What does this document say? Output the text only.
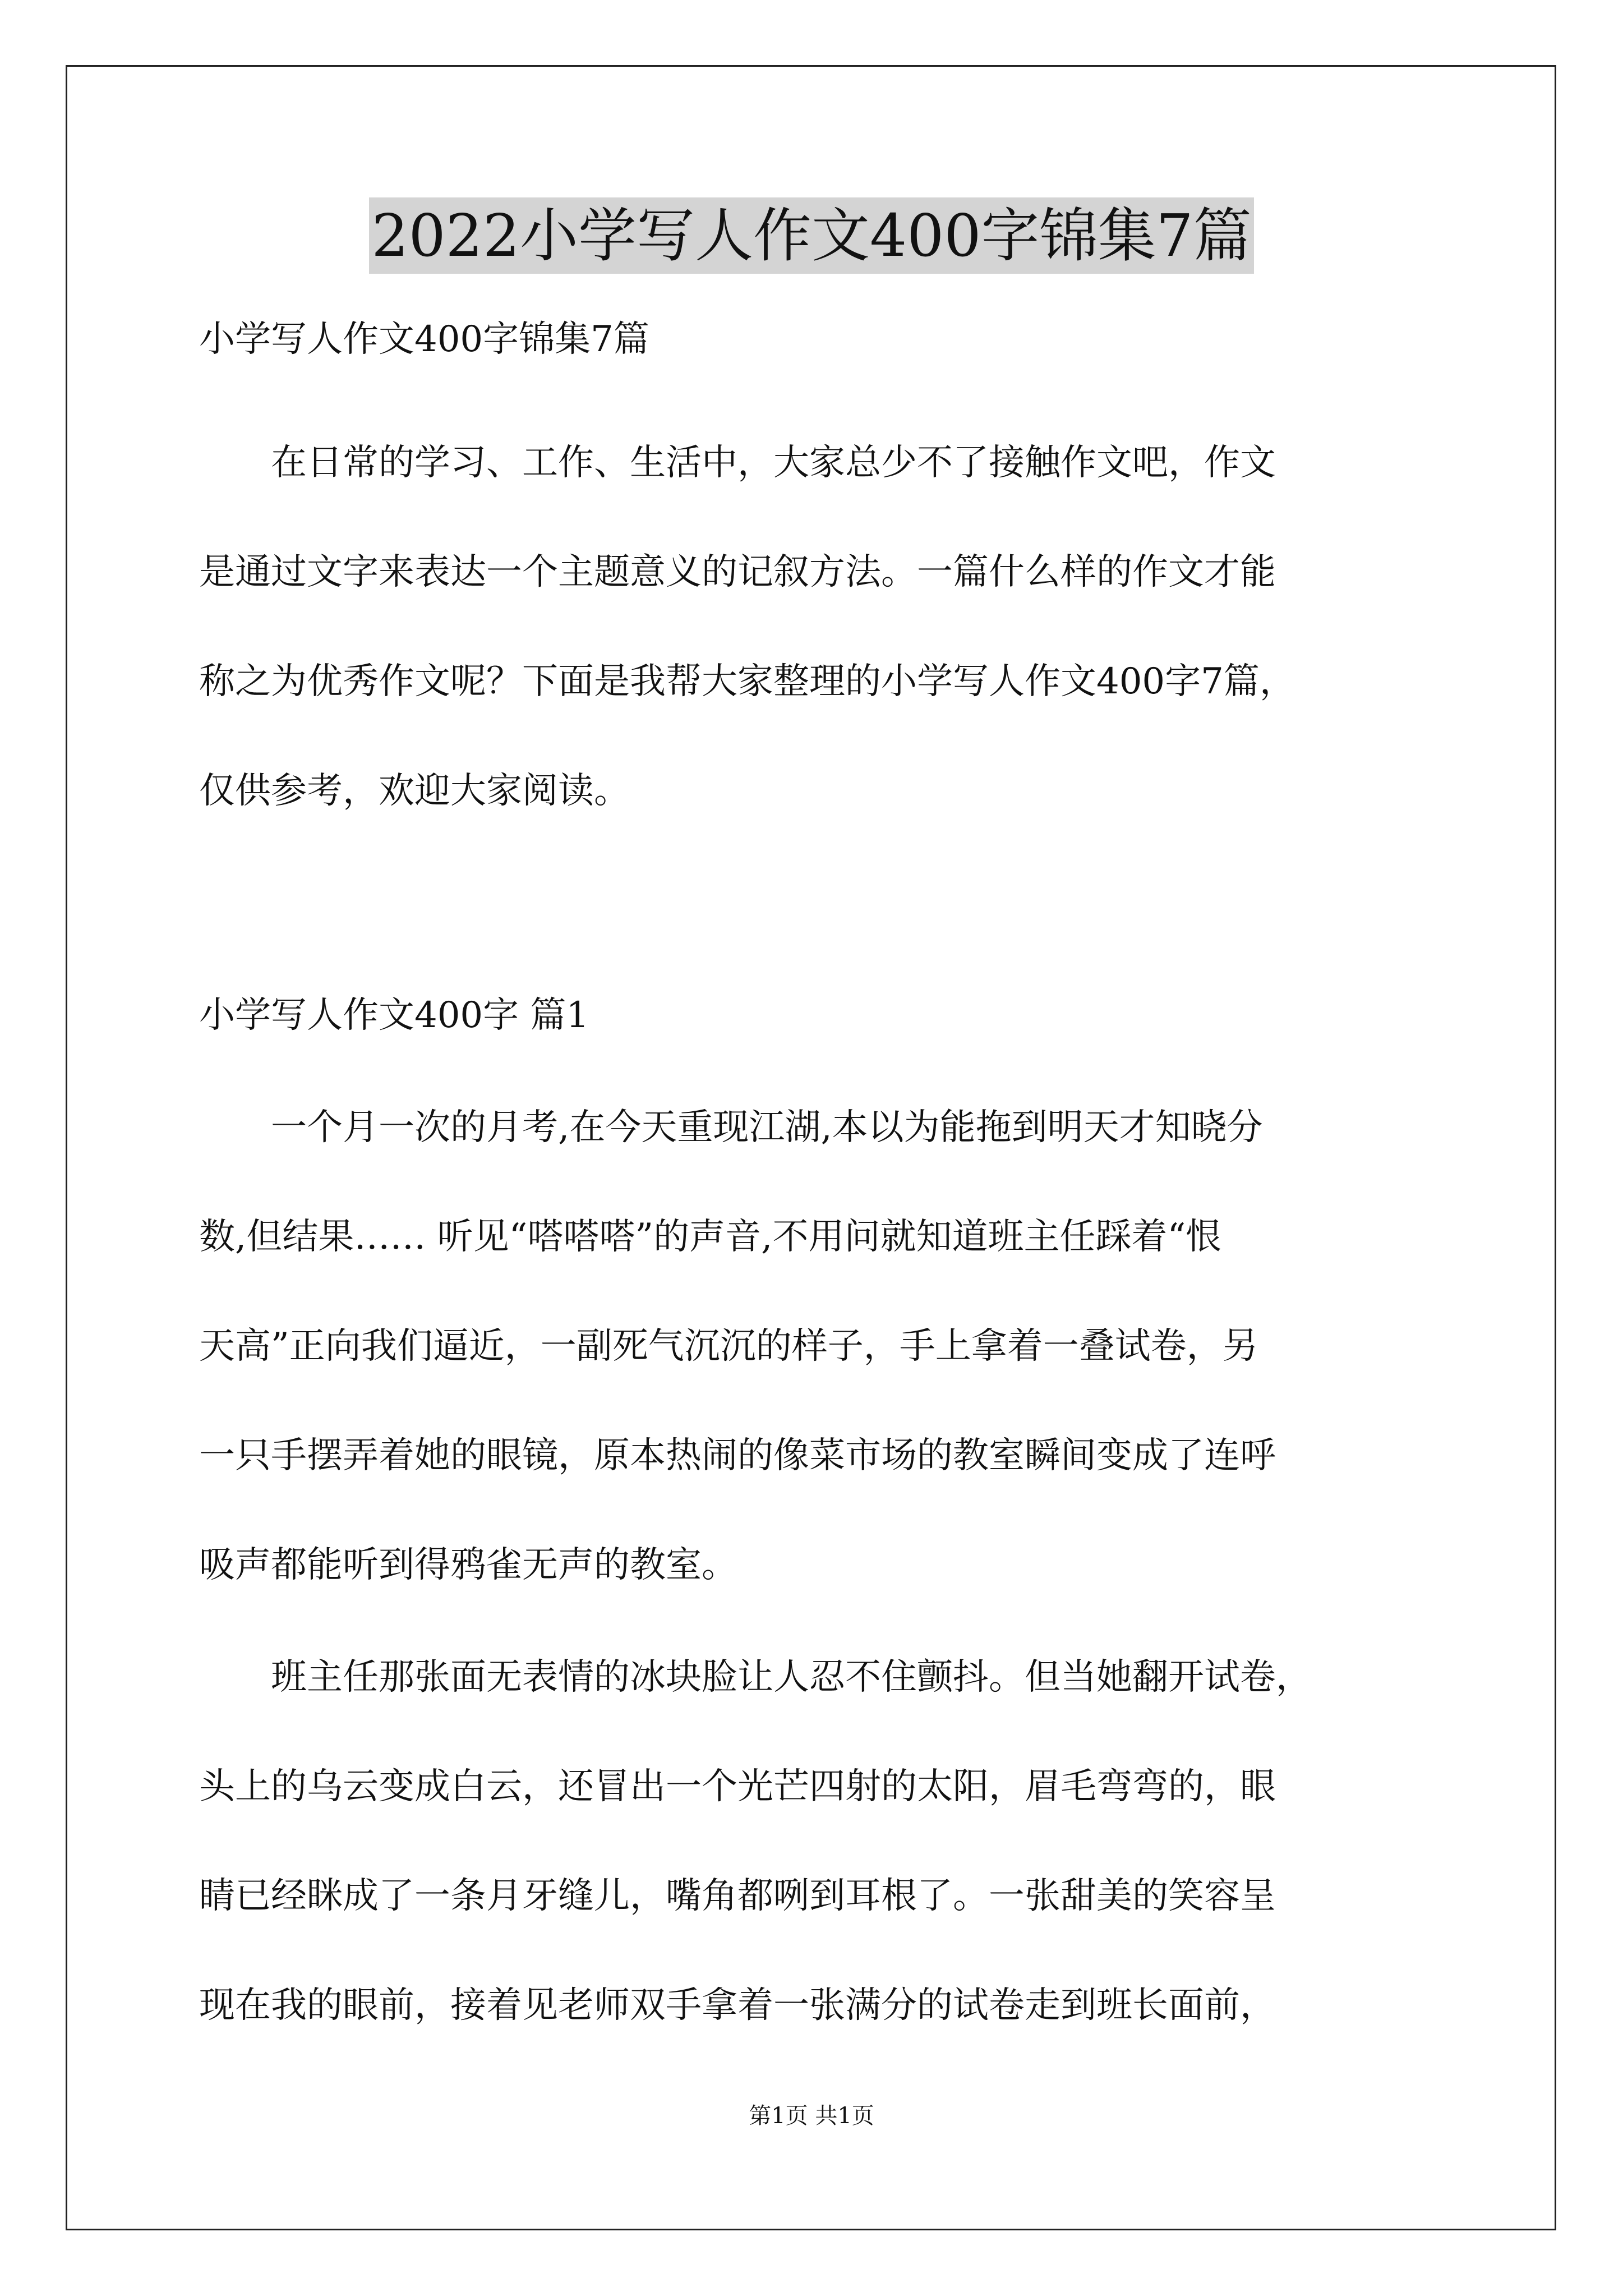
2022小学写人作文400字锦集7篇
小学写人作文400字锦集7篇
　　在日常的学习、工作、生活中，大家总少不了接触作文吧，作文
是通过文字来表达一个主题意义的记叙方法。一篇什么样的作文才能
称之为优秀作文呢？下面是我帮大家整理的小学写人作文400字7篇，
仅供参考，欢迎大家阅读。
小学写人作文400字 篇1
　　一个月一次的月考,在今天重现江湖,本以为能拖到明天才知晓分
数,但结果…… 听见“嗒嗒嗒”的声音,不用问就知道班主任踩着“恨
天高”正向我们逼近，一副死气沉沉的样子，手上拿着一叠试卷，另
一只手摆弄着她的眼镜，原本热闹的像菜市场的教室瞬间变成了连呼
吸声都能听到得鸦雀无声的教室。
　　班主任那张面无表情的冰块脸让人忍不住颤抖。但当她翻开试卷，
头上的乌云变成白云，还冒出一个光芒四射的太阳，眉毛弯弯的，眼
睛已经眯成了一条月牙缝儿，嘴角都咧到耳根了。一张甜美的笑容呈
现在我的眼前，接着见老师双手拿着一张满分的试卷走到班长面前，
第1页 共1页
